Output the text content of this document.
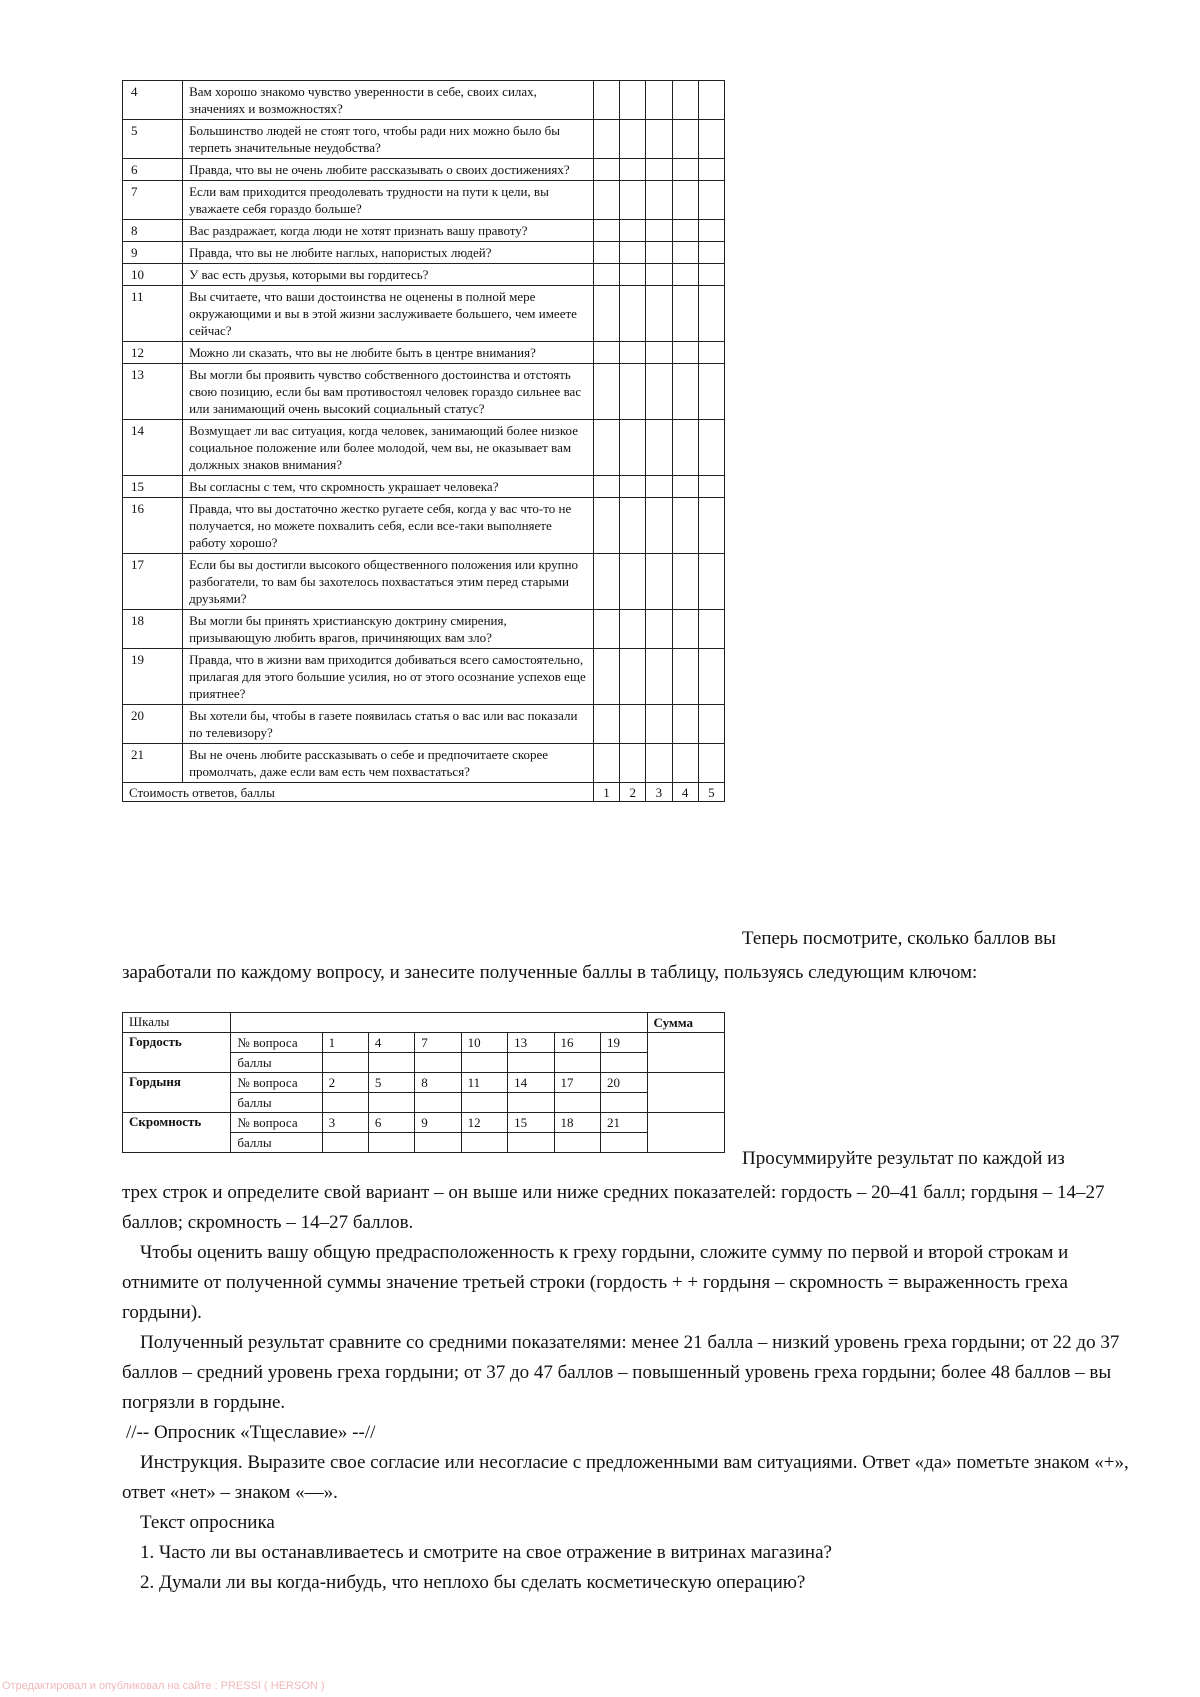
4	Вам хорошо знакомо чувство уверенности в себе, своих силах, значениях и возможностях?					
5	Большинство людей не стоят того, чтобы ради них можно было бы терпеть значительные неудобства?					
6	Правда, что вы не очень любите рассказывать о своих достижениях?					
7	Если вам приходится преодолевать трудности на пути к цели, вы уважаете себя гораздо больше?					
8	Вас раздражает, когда люди не хотят признать вашу правоту?					
9	Правда, что вы не любите наглых, напористых людей?					
10	У вас есть друзья, которыми вы гордитесь?					
11	Вы считаете, что ваши достоинства не оценены в полной мере окружающими и вы в этой жизни заслуживаете большего, чем имеете сейчас?					
12	Можно ли сказать, что вы не любите быть в центре внимания?					
13	Вы могли бы проявить чувство собственного достоинства и отстоять свою позицию, если бы вам противостоял человек гораздо сильнее вас или занимающий очень высокий социальный статус?					
14	Возмущает ли вас ситуация, когда человек, занимающий более низкое социальное положение или более молодой, чем вы, не оказывает вам должных знаков внимания?					
15	Вы согласны с тем, что скромность украшает человека?					
16	Правда, что вы достаточно жестко ругаете себя, когда у вас что-то не получается, но можете похвалить себя, если все-таки выполняете работу хорошо?					
17	Если бы вы достигли высокого общественного положения или крупно разбогатели, то вам бы захотелось похвастаться этим перед старыми друзьями?					
18	Вы могли бы принять христианскую доктрину смирения, призывающую любить врагов, причиняющих вам зло?					
19	Правда, что в жизни вам приходится добиваться всего самостоятельно, прилагая для этого большие усилия, но от этого осознание успехов еще приятнее?					
20	Вы хотели бы, чтобы в газете появилась статья о вас или вас показали по телевизору?					
21	Вы не очень любите рассказывать о себе и предпочитаете скорее промолчать, даже если вам есть чем похвастаться?					
Стоимость ответов, баллы		1	2	3	4	5
Теперь посмотрите, сколько баллов вы
заработали по каждому вопросу, и занесите полученные баллы в таблицу, пользуясь следующим ключом:
Шкалы									Сумма
Гордость	№ вопроса	1	4	7	10	13	16	19	
	баллы								
Гордыня	№ вопроса	2	5	8	11	14	17	20	
	баллы								
Скромность	№ вопроса	3	6	9	12	15	18	21	
	баллы								
Просуммируйте результат по каждой из
трех строк и определите свой вариант – он выше или ниже средних показателей: гордость – 20–41 балл; гордыня – 14–27 баллов; скромность – 14–27 баллов.
Чтобы оценить вашу общую предрасположенность к греху гордыни, сложите сумму по первой и второй строкам и отнимите от полученной суммы значение третьей строки (гордость + + гордыня – скромность = выраженность греха гордыни).
Полученный результат сравните со средними показателями: менее 21 балла – низкий уровень греха гордыни; от 22 до 37 баллов – средний уровень греха гордыни; от 37 до 47 баллов – повышенный уровень греха гордыни; более 48 баллов – вы погрязли в гордыне.
//-- Опросник «Тщеславие» --//
Инструкция. Выразите свое согласие или несогласие с предложенными вам ситуациями. Ответ «да» пометьте знаком «+», ответ «нет» – знаком «—».
Текст опросника
1. Часто ли вы останавливаетесь и смотрите на свое отражение в витринах магазина?
2. Думали ли вы когда-нибудь, что неплохо бы сделать косметическую операцию?
Отредактировал и опубликовал на сайте : PRESSI ( HERSON )
